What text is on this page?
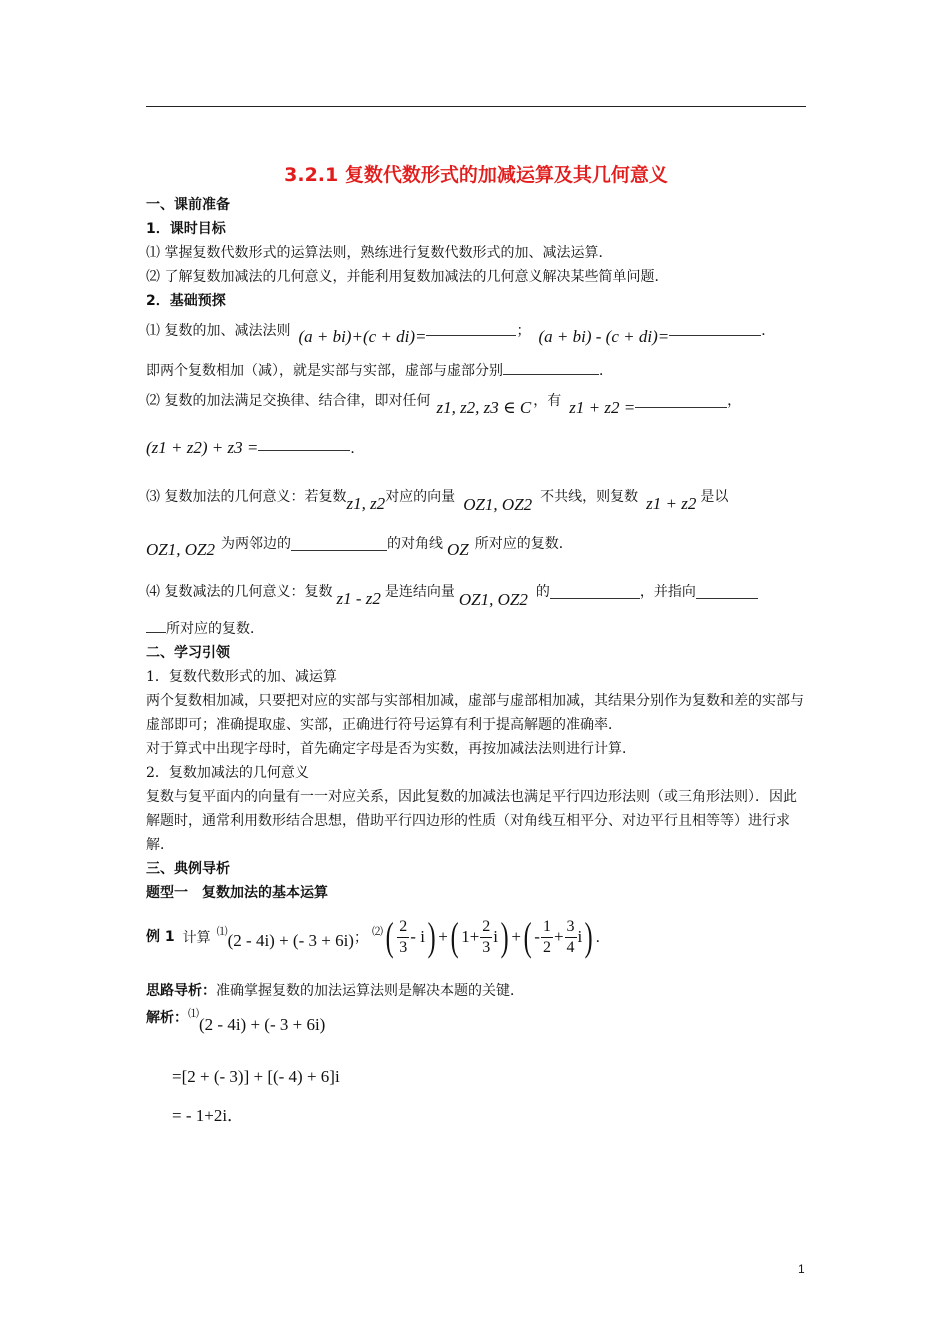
3.2.1 复数代数形式的加减运算及其几何意义
一、课前准备
1．课时目标
⑴ 掌握复数代数形式的运算法则，熟练进行复数代数形式的加、减法运算．
⑵ 了解复数加减法的几何意义，并能利用复数加减法的几何意义解决某些简单问题．
2．基础预探
⑴ 复数的加、减法法则 (a + bi)+(c + di)=	； (a + bi) - (c + di)=	．
即两个复数相加（减），就是实部与实部，虚部与虚部分别	．
⑵ 复数的加法满足交换律、结合律，即对任何 z1, z2, z3 ∈ C ，有 z1 + z2 =	，
(z1 + z2) + z3 =	．
⑶ 复数加法的几何意义：若复数 z1, z2 对应的向量 OZ1, OZ2 不共线，则复数 z1 + z2 是以
OZ1, OZ2 为两邻边的	的对角线 OZ 所对应的复数．
⑷ 复数减法的几何意义：复数 z1 - z2 是连结向量 OZ1, OZ2 的	，并指向
所对应的复数．
二、学习引领
1．复数代数形式的加、减运算
两个复数相加减，只要把对应的实部与实部相加减，虚部与虚部相加减，其结果分别作为复数和差的实部与虚部即可；准确提取虚、实部，正确进行符号运算有利于提高解题的准确率．
对于算式中出现字母时，首先确定字母是否为实数，再按加减法法则进行计算．
2．复数加减法的几何意义
复数与复平面内的向量有一一对应关系，因此复数的加减法也满足平行四边形法则（或三角形法则）．因此解题时，通常利用数形结合思想，借助平行四边形的性质（对角线互相平分、对边平行且相等等）进行求解．
三、典例导析
题型一　复数加法的基本运算
例 1 计算 ⑴ (2 - 4i) + (- 3 + 6i) ； ⑵ ( $\frac{2}{3}$ - i ) + ( $1+ \frac{2}{3}$ i ) + ( - $\frac{1}{2} + \frac{3}{4}$ i ) ．
思路导析：准确掌握复数的加法运算法则是解决本题的关键．
解析： ⑴
(2 - 4i) + (- 3 + 6i)
=[2 + (- 3)] + [(- 4) + 6]i
= - 1+2i．
1
